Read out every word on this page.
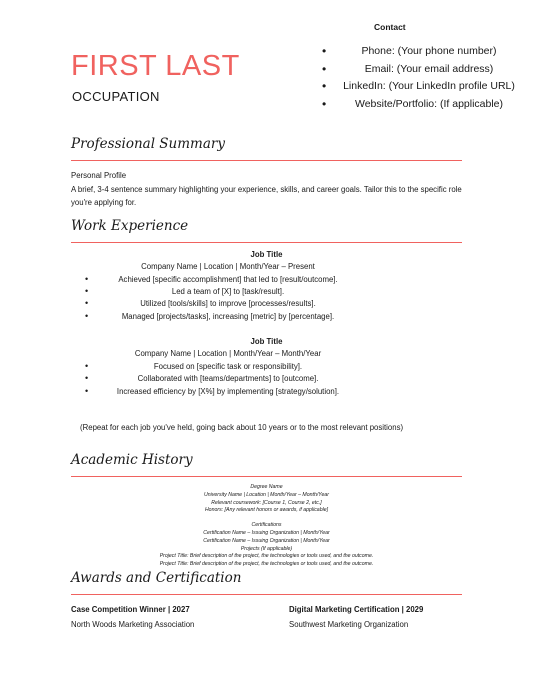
FIRST LAST
OCCUPATION
Contact
• Phone: (Your phone number)
• Email: (Your email address)
• LinkedIn: (Your LinkedIn profile URL)
• Website/Portfolio: (If applicable)
Professional Summary
Personal Profile
A brief, 3-4 sentence summary highlighting your experience, skills, and career goals. Tailor this to the specific role you're applying for.
Work Experience
Job Title
Company Name | Location | Month/Year – Present
•	Achieved [specific accomplishment] that led to [result/outcome].
•	Led a team of [X] to [task/result].
•	Utilized [tools/skills] to improve [processes/results].
•	Managed [projects/tasks], increasing [metric] by [percentage].
Job Title
Company Name | Location | Month/Year – Month/Year
•	Focused on [specific task or responsibility].
•	Collaborated with [teams/departments] to [outcome].
•	Increased efficiency by [X%] by implementing [strategy/solution].
(Repeat for each job you've held, going back about 10 years or to the most relevant positions)
Academic History
Degree Name
University Name | Location | Month/Year – Month/Year
Relevant coursework: [Course 1, Course 2, etc.]
Honors: [Any relevant honors or awards, if applicable]
Certifications
Certification Name – Issuing Organization | Month/Year
Certification Name – Issuing Organization | Month/Year
Projects (If applicable)
Project Title: Brief description of the project, the technologies or tools used, and the outcome.
Project Title: Brief description of the project, the technologies or tools used, and the outcome.
Awards and Certification
Case Competition Winner | 2027
North Woods Marketing Association
Digital Marketing Certification | 2029
Southwest Marketing Organization
